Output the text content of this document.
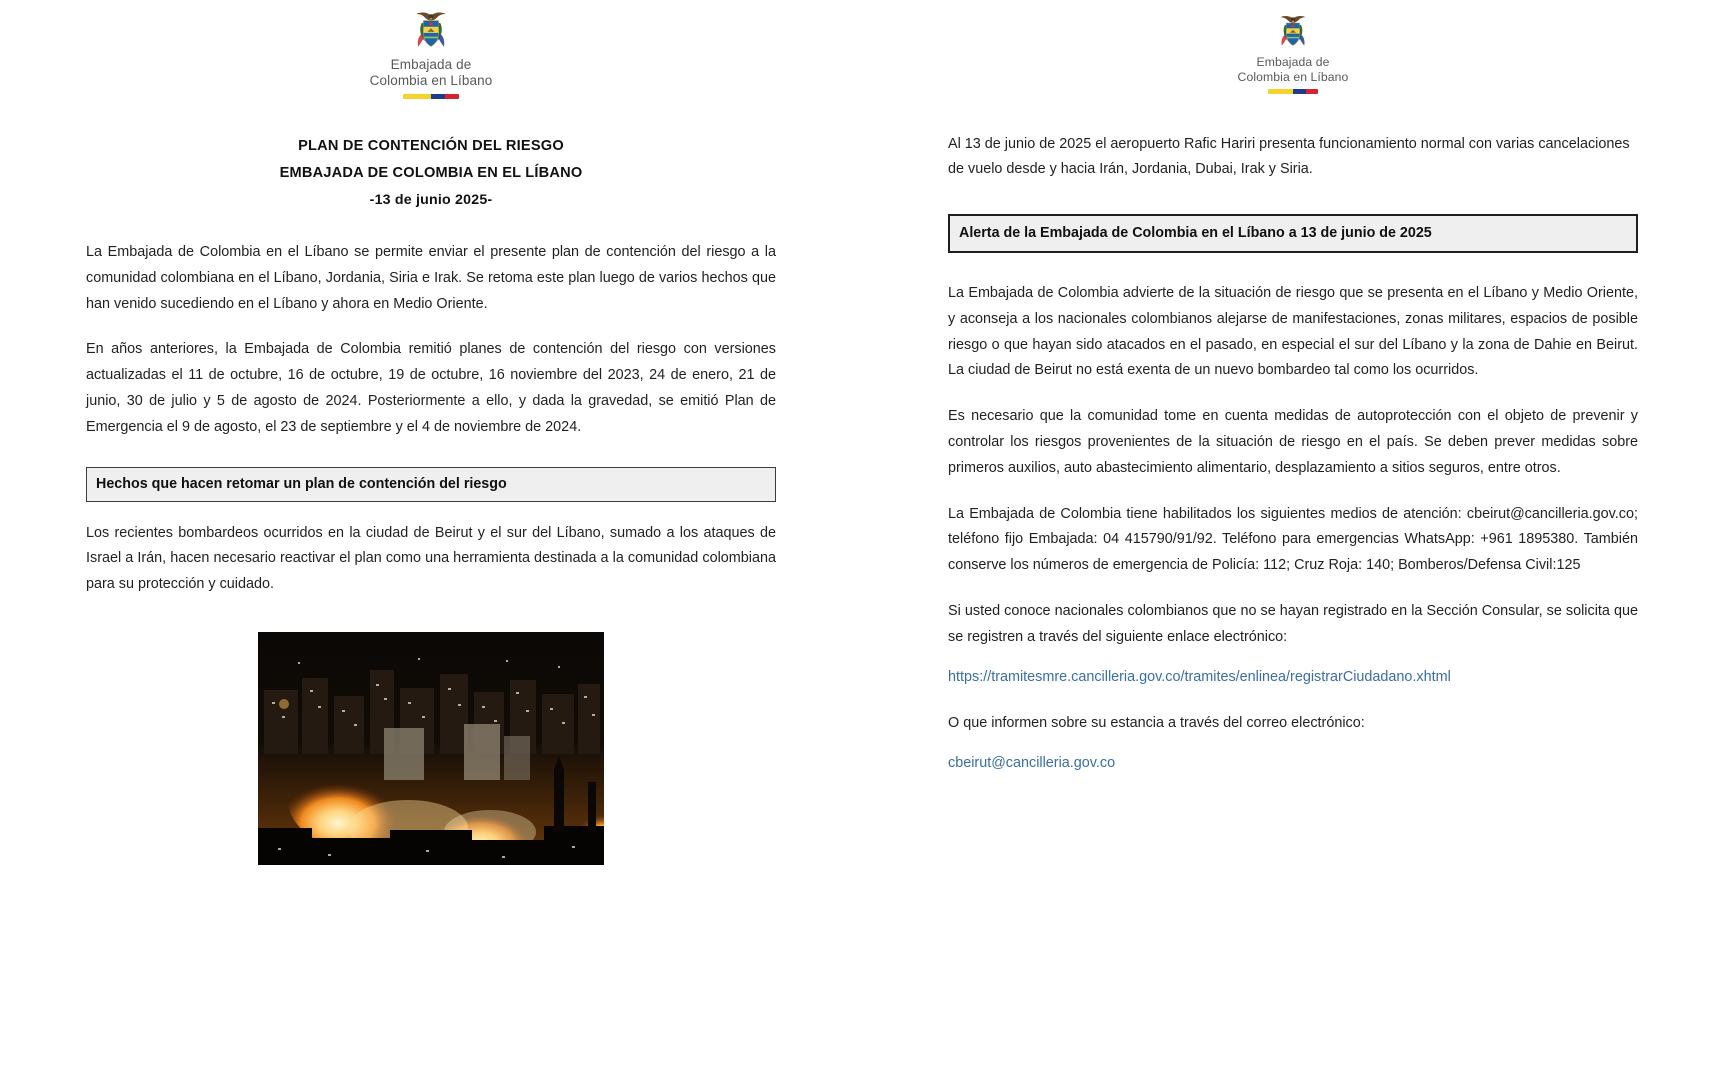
Embajada de
Colombia en Líbano
PLAN DE CONTENCIÓN DEL RIESGO
EMBAJADA DE COLOMBIA EN EL LÍBANO
-13 de junio 2025-

La Embajada de Colombia en el Líbano se permite enviar el presente plan de contención del riesgo a la comunidad colombiana en el Líbano, Jordania, Siria e Irak. Se retoma este plan luego de varios hechos que han venido sucediendo en el Líbano y ahora en Medio Oriente.

En años anteriores, la Embajada de Colombia remitió planes de contención del riesgo con versiones actualizadas el 11 de octubre, 16 de octubre, 19 de octubre, 16 noviembre del 2023, 24 de enero, 21 de junio, 30 de julio y 5 de agosto de 2024. Posteriormente a ello, y dada la gravedad, se emitió Plan de Emergencia el 9 de agosto, el 23 de septiembre y el 4 de noviembre de 2024.

Hechos que hacen retomar un plan de contención del riesgo

Los recientes bombardeos ocurridos en la ciudad de Beirut y el sur del Líbano, sumado a los ataques de Israel a Irán, hacen necesario reactivar el plan como una herramienta destinada a la comunidad colombiana para su protección y cuidado.

Embajada de
Colombia en Líbano

Al 13 de junio de 2025 el aeropuerto Rafic Hariri presenta funcionamiento normal con varias cancelaciones de vuelo desde y hacia Irán, Jordania, Dubai, Irak y Siria.

Alerta de la Embajada de Colombia en el Líbano a 13 de junio de 2025

La Embajada de Colombia advierte de la situación de riesgo que se presenta en el Líbano y Medio Oriente, y aconseja a los nacionales colombianos alejarse de manifestaciones, zonas militares, espacios de posible riesgo o que hayan sido atacados en el pasado, en especial el sur del Líbano y la zona de Dahie en Beirut. La ciudad de Beirut no está exenta de un nuevo bombardeo tal como los ocurridos.

Es necesario que la comunidad tome en cuenta medidas de autoprotección con el objeto de prevenir y controlar los riesgos provenientes de la situación de riesgo en el país. Se deben prever medidas sobre primeros auxilios, auto abastecimiento alimentario, desplazamiento a sitios seguros, entre otros.

La Embajada de Colombia tiene habilitados los siguientes medios de atención: cbeirut@cancilleria.gov.co; teléfono fijo Embajada: 04 415790/91/92. Teléfono para emergencias WhatsApp: +961 1895380. También conserve los números de emergencia de Policía: 112; Cruz Roja: 140; Bomberos/Defensa Civil:125

Si usted conoce nacionales colombianos que no se hayan registrado en la Sección Consular, se solicita que se registren a través del siguiente enlace electrónico:

https://tramitesmre.cancilleria.gov.co/tramites/enlinea/registrarCiudadano.xhtml

O que informen sobre su estancia a través del correo electrónico:

cbeirut@cancilleria.gov.co
